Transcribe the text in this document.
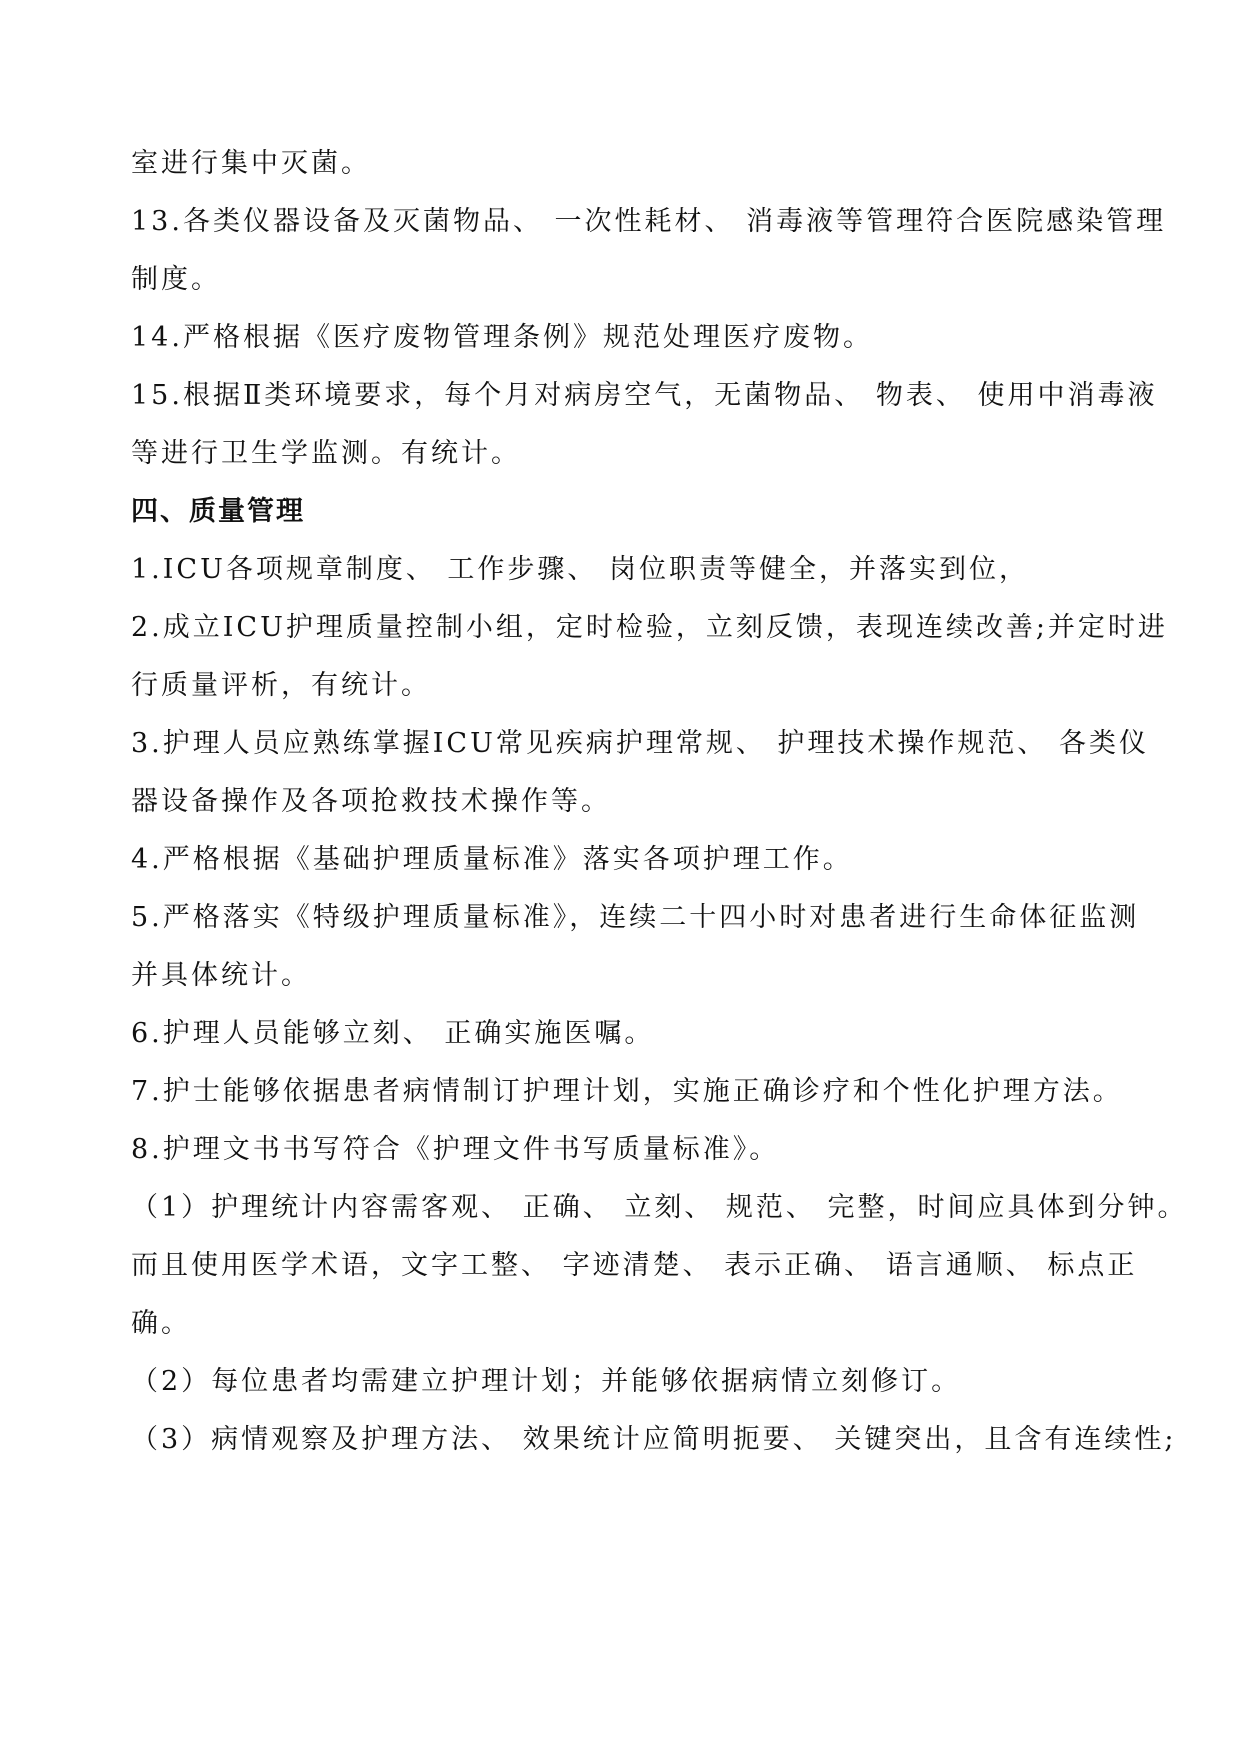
室进行集中灭菌。
13.各类仪器设备及灭菌物品、 一次性耗材、 消毒液等管理符合医院感染管理
制度。
14.严格根据《医疗废物管理条例》规范处理医疗废物。
15.根据Ⅱ类环境要求，每个月对病房空气，无菌物品、 物表、 使用中消毒液
等进行卫生学监测。有统计。
四、质量管理
1.ICU各项规章制度、 工作步骤、 岗位职责等健全，并落实到位，
2.成立ICU护理质量控制小组，定时检验，立刻反馈，表现连续改善;并定时进
行质量评析，有统计。
3.护理人员应熟练掌握ICU常见疾病护理常规、 护理技术操作规范、 各类仪
器设备操作及各项抢救技术操作等。
4.严格根据《基础护理质量标准》落实各项护理工作。
5.严格落实《特级护理质量标准》，连续二十四小时对患者进行生命体征监测
并具体统计。
6.护理人员能够立刻、 正确实施医嘱。
7.护士能够依据患者病情制订护理计划，实施正确诊疗和个性化护理方法。
8.护理文书书写符合《护理文件书写质量标准》。
（1）护理统计内容需客观、 正确、 立刻、 规范、 完整，时间应具体到分钟。
而且使用医学术语，文字工整、 字迹清楚、 表示正确、 语言通顺、 标点正
确。
（2）每位患者均需建立护理计划；并能够依据病情立刻修订。
（3）病情观察及护理方法、 效果统计应简明扼要、 关键突出，且含有连续性;
